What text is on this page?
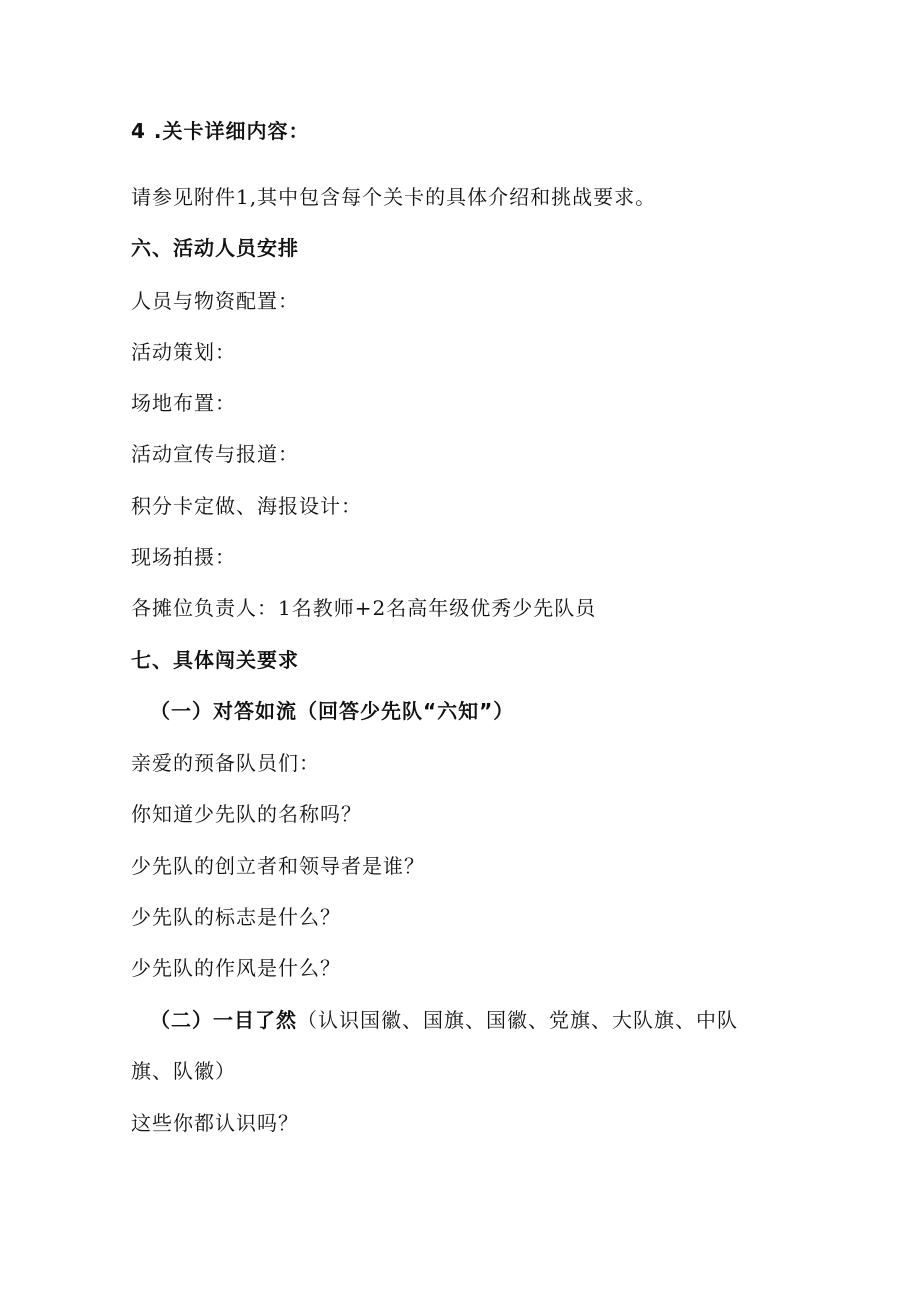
4 .关卡详细内容：
请参见附件1,其中包含每个关卡的具体介绍和挑战要求。
六、活动人员安排
人员与物资配置：
活动策划：
场地布置：
活动宣传与报道：
积分卡定做、海报设计：
现场拍摄：
各摊位负责人：1名教师+2名高年级优秀少先队员
七、具体闯关要求
（一）对答如流（回答少先队“六知”）
亲爱的预备队员们：
你知道少先队的名称吗？
少先队的创立者和领导者是谁？
少先队的标志是什么？
少先队的作风是什么？
（二）一目了然（认识国徽、国旗、国徽、党旗、大队旗、中队
旗、队徽）
这些你都认识吗？
